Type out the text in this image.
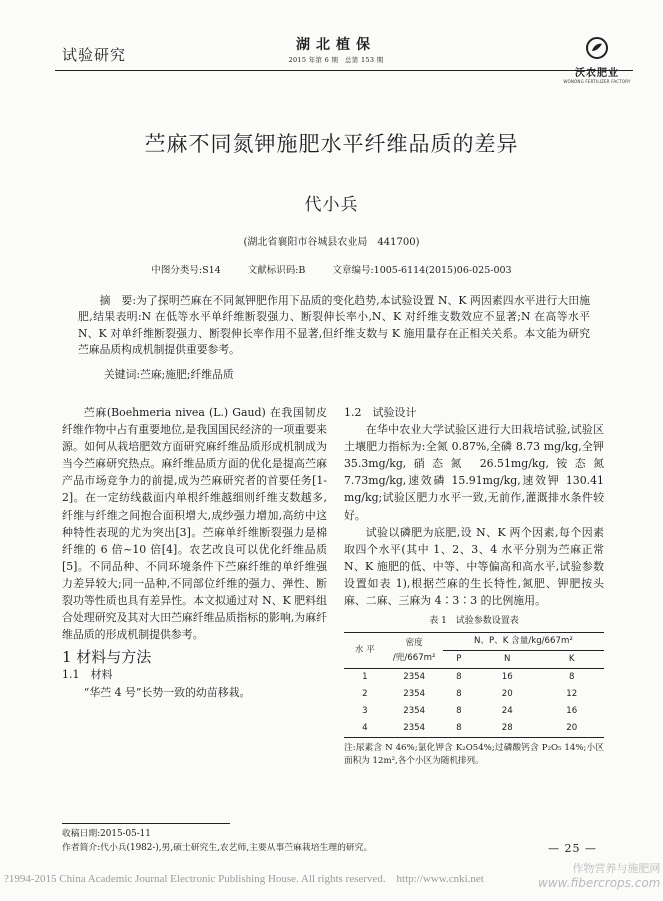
试验研究
湖北植保
2015 年第 6 期　总第 153 期
沃农肥业
WONONG FERTILIZER FACTORY
苎麻不同氮钾施肥水平纤维品质的差异
代小兵
(湖北省襄阳市谷城县农业局　441700)
中图分类号:S14	文献标识码:B	文章编号:1005-6114(2015)06-025-003
摘　要:为了探明苎麻在不同氮钾肥作用下品质的变化趋势,本试验设置 N、K 两因素四水平进行大田施肥,结果表明:N 在低等水平单纤维断裂强力、断裂伸长率小,N、K 对纤维支数效应不显著;N 在高等水平 N、K 对单纤维断裂强力、断裂伸长率作用不显著,但纤维支数与 K 施用量存在正相关关系。本文能为研究苎麻品质构成机制提供重要参考。
关键词:苎麻;施肥;纤维品质

苎麻(Boehmeria nivea (L.) Gaud) 在我国韧皮纤维作物中占有重要地位,是我国国民经济的一项重要来源。如何从栽培肥效方面研究麻纤维品质形成机制成为当今苎麻研究热点。麻纤维品质方面的优化是提高苎麻产品市场竞争力的前提,成为苎麻研究者的首要任务[1-2]。在一定纺线截面内单根纤维越细则纤维支数越多,纤维与纤维之间抱合面积增大,成纱强力增加,高纺中这种特性表现的尤为突出[3]。苎麻单纤维断裂强力是棉纤维的 6 倍~10 倍[4]。农艺改良可以优化纤维品质[5]。不同品种、不同环境条件下苎麻纤维的单纤维强力差异较大;同一品种,不同部位纤维的强力、弹性、断裂功等性质也具有差异性。本文拟通过对 N、K 肥料组合处理研究及其对大田苎麻纤维品质指标的影响,为麻纤维品质的形成机制提供参考。

1 材料与方法

1.1　材料

“华苎 4 号”长势一致的幼苗移栽。

1.2　试验设计

在华中农业大学试验区进行大田栽培试验,试验区土壤肥力指标为:全氮 0.87%,全磷 8.73 mg/kg,全钾 35.3mg/kg,硝态氮 26.51mg/kg,铵态氮 7.73mg/kg,速效磷 15.91mg/kg,速效钾 130.41 mg/kg;试验区肥力水平一致,无前作,灌溉排水条件较好。

试验以磷肥为底肥,设 N、K 两个因素,每个因素取四个水平(其中 1、2、3、4 水平分别为苎麻正常 N、K 施肥的低、中等、中等偏高和高水平,试验参数设置如表 1),根据苎麻的生长特性,氮肥、钾肥按头麻、二麻、三麻为 4∶3∶3 的比例施用。

表 1　试验参数设置表
水 平	密度
/兜/667m²	N、P、K 含量/kg/667m²		
		P	N	K
1	2354	8	16	8
2	2354	8	20	12
3	2354	8	24	16
4	2354	8	28	20
注:尿素含 N 46%;氯化钾含 K₂O54%;过磷酸钙含 P₂O₅ 14%;小区面积为 12m²,各个小区为随机排列。
收稿日期:2015-05-11
作者简介:代小兵(1982-),男,硕士研究生,农艺师,主要从事苎麻栽培生理的研究。	— 25 —
?1994-2015 China Academic Journal Electronic Publishing House. All rights reserved.　http://www.cnki.net
作物营养与施肥网
www.fibercrops.com
